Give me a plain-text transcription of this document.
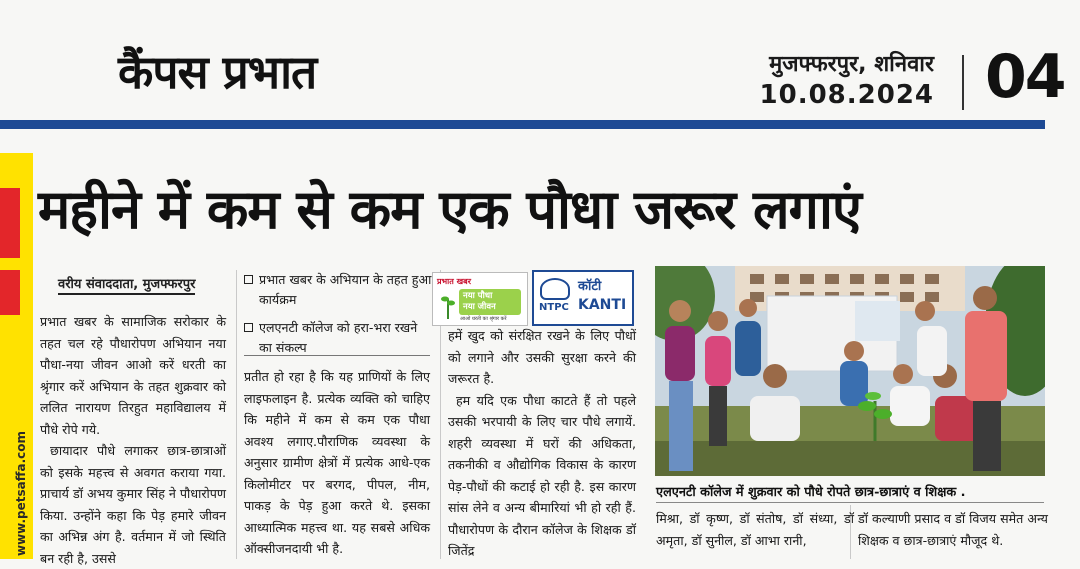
कैंपस प्रभात	मुजफ्फरपुर, शनिवार
10.08.2024 04
www.petsaffa.com
महीने में कम से कम एक पौधा जरूर लगाएं
वरीय संवाददाता, मुजफ्फरपुर

प्रभात खबर के सामाजिक सरोकार के तहत चल रहे पौधारोपण अभियान नया पौधा-नया जीवन आओ करें धरती का श्रृंगार करें अभियान के तहत शुक्रवार को ललित नारायण तिरहुत महाविद्यालय में पौधे रोपे गये.

छायादार पौधे लगाकर छात्र-छात्राओं को इसके महत्त्व से अवगत कराया गया. प्राचार्य डॉ अभय कुमार सिंह ने पौधारोपण किया. उन्होंने कहा कि पेड़ हमारे जीवन का अभिन्न अंग है. वर्तमान में जो स्थिति बन रही है, उससे

प्रभात खबर के अभियान के तहत हुआ कार्यक्रम
एलएनटी कॉलेज को हरा-भरा रखने का संकल्प
प्रतीत हो रहा है कि यह प्राणियों के लिए लाइफलाइन है. प्रत्येक व्यक्ति को चाहिए कि महीने में कम से कम एक पौधा अवश्य लगाए.पौराणिक व्यवस्था के अनुसार ग्रामीण क्षेत्रों में प्रत्येक आधे-एक किलोमीटर पर बरगद, पीपल, नीम, पाकड़ के पेड़ हुआ करते थे. इसका आध्यात्मिक महत्त्व था. यह सबसे अधिक ऑक्सीजनदायी भी है.
प्रभात खबर
नया पौधा
नया जीवन
आओ धरती का श्रृंगार करें
NTPC
कॉटी
KANTI

हमें खुद को संरक्षित रखने के लिए पौधों को लगाने और उसकी सुरक्षा करने की जरूरत है.

हम यदि एक पौधा काटते हैं तो पहले उसकी भरपायी के लिए चार पौधे लगायें. शहरी व्यवस्था में घरों की अधिकता, तकनीकी व औद्योगिक विकास के कारण पेड़-पौधों की कटाई हो रही है. इस कारण सांस लेने व अन्य बीमारियां भी हो रही हैं. पौधारोपण के दौरान कॉलेज के शिक्षक डॉ जितेंद्र

एलएनटी कॉलेज में शुक्रवार को पौधे रोपते छात्र-छात्राएं व शिक्षक .
मिश्रा, डॉ कृष्ण, डॉ संतोष, डॉ संध्या, डॉ अमृता, डॉ सुनील, डॉ आभा रानी,
डॉ कल्याणी प्रसाद व डॉ विजय समेत अन्य शिक्षक व छात्र-छात्राएं मौजूद थे.
